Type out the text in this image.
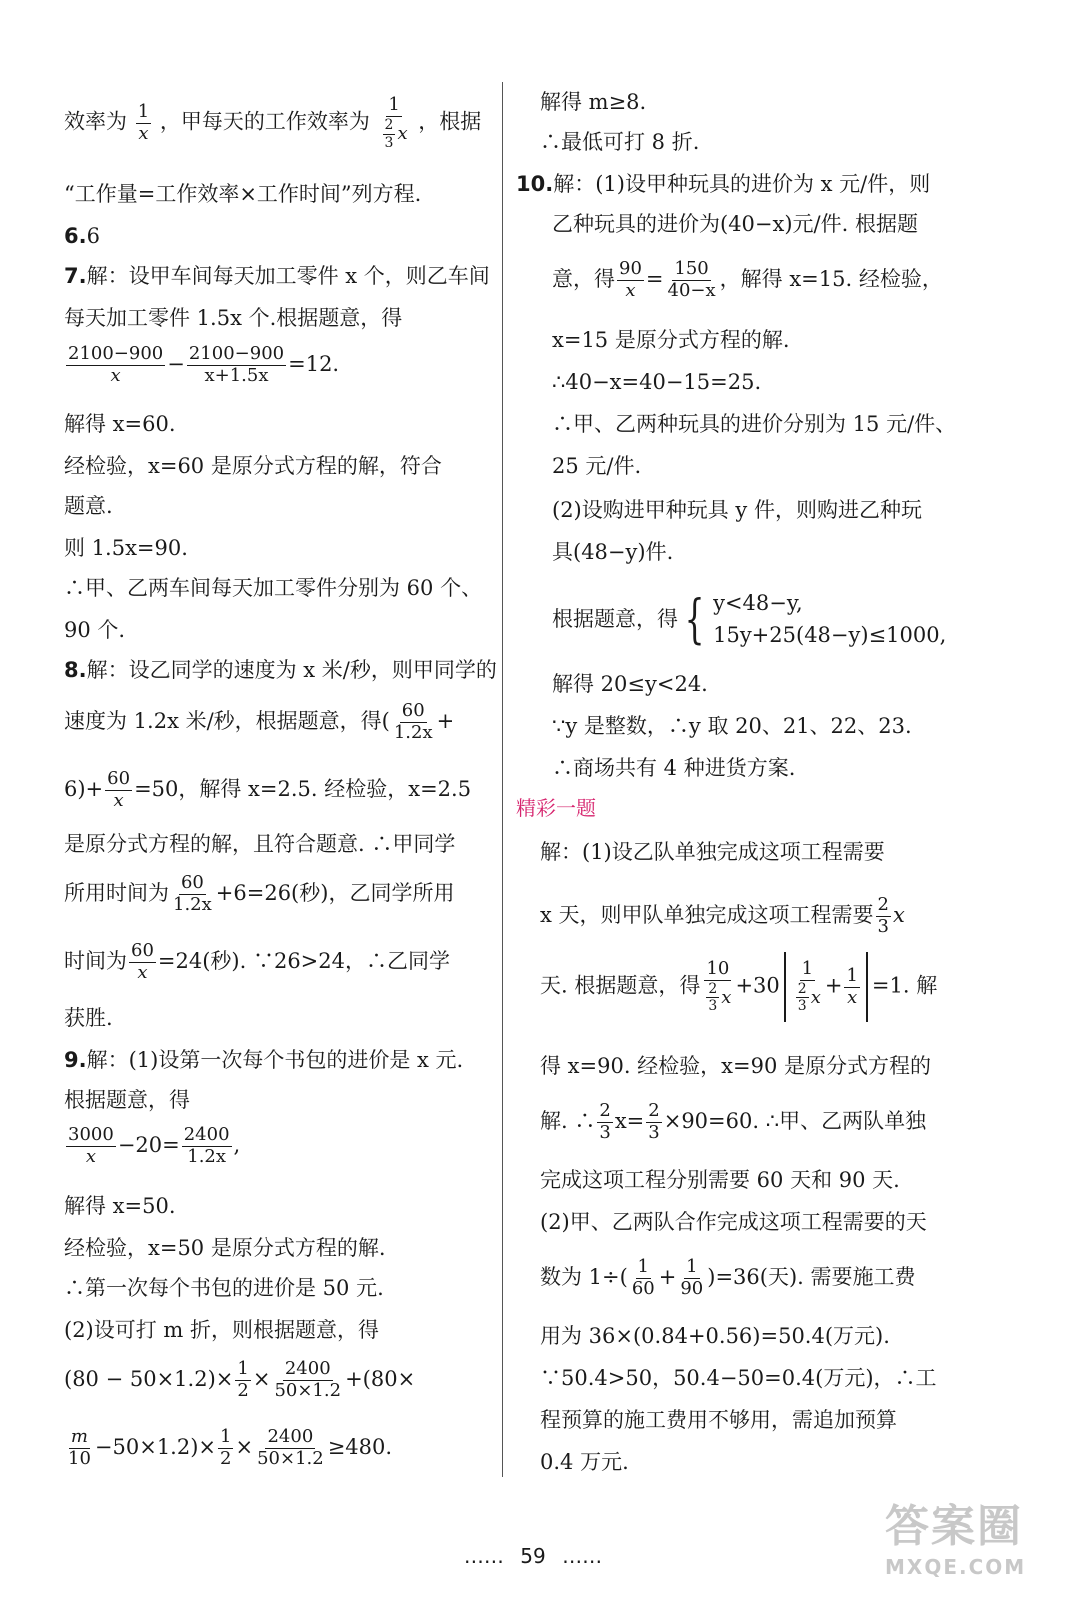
效率为 $\frac{1}{x}$ ，甲每天的工作效率为 $\frac{1}{\frac{2}{3} x}$ ，根据
“工作量=工作效率×工作时间”列方程.
6.6
7.解：设甲车间每天加工零件 x 个，则乙车间
每天加工零件 1.5x 个.根据题意，得
$\frac{2100-900}{x} - \frac{2100-900}{x+1.5x} =12$.
解得 x=60.
经检验，x=60 是原分式方程的解，符合
题意.
则 1.5x=90.
∴甲、乙两车间每天加工零件分别为 60 个、
90 个.
8.解：设乙同学的速度为 x 米/秒，则甲同学的
速度为 1.2x 米/秒，根据题意，得( $\frac{60}{1.2x}$ +
$6)+ \frac{60}{x} =50$，解得 x=2.5. 经检验，x=2.5
是原分式方程的解，且符合题意. ∴甲同学
所用时间为 $\frac{60}{1.2x} +6=26$(秒)，乙同学所用
时间为 $\frac{60}{x} =24$(秒). ∵26>24，∴乙同学
获胜.
9.解：(1)设第一次每个书包的进价是 x 元.
根据题意，得
$\frac{3000}{x} -20= \frac{2400}{1.2x}$ ,
解得 x=50.
经检验，x=50 是原分式方程的解.
∴第一次每个书包的进价是 50 元.
(2)设可打 m 折，则根据题意，得
$(80 - 50\times 1.2)\times \frac{1}{2} \times \frac{2400}{50\times 1.2} +(80\times$
$\frac{m}{10} -50\times 1.2)\times \frac{1}{2} \times \frac{2400}{50\times 1.2} \ge 480$.
解得 m≥8.
∴最低可打 8 折.
10.解：(1)设甲种玩具的进价为 x 元/件，则
乙种玩具的进价为(40−x)元/件. 根据题
意，得 $\frac{90}{x} = \frac{150}{40-x}$ ，解得 x=15. 经检验，
x=15 是原分式方程的解.
∴40−x=40−15=25.
∴甲、乙两种玩具的进价分别为 15 元/件、
25 元/件.
(2)设购进甲种玩具 y 件，则购进乙种玩
具(48−y)件.
根据题意，得 { y<48−y,
15y+25(48−y)≤1000,
解得 20≤y<24.
∵y 是整数，∴y 取 20、21、22、23.
∴商场共有 4 种进货方案.
精彩一题
解：(1)设乙队单独完成这项工程需要
x 天，则甲队单独完成这项工程需要 $\frac{2}{3}$ x
天. 根据题意，得 $\frac{10}{\frac{2}{3} x} +30 \frac{1}{\frac{2}{3} x} + \frac{1}{x} =1$. 解
得 x=90. 经检验，x=90 是原分式方程的
解. ∴ $\frac{2}{3} x= \frac{2}{3} \times 90=60$. ∴甲、乙两队单独
完成这项工程分别需要 60 天和 90 天.
(2)甲、乙两队合作完成这项工程需要的天
数为 $1\div( \frac{1}{60} + \frac{1}{90} )=36$(天). 需要施工费
用为 36×(0.84+0.56)=50.4(万元).
∵50.4>50，50.4−50=0.4(万元)，∴工
程预算的施工费用不够用，需追加预算
0.4 万元.
…… 59 ……
答案圈
MXQE.COM
